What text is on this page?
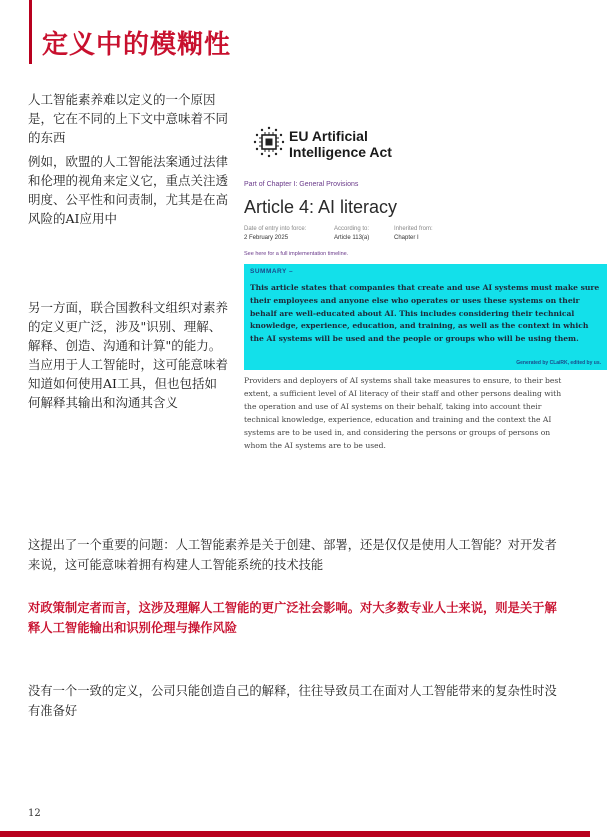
定义中的模糊性
人工智能素养难以定义的一个原因是，它在不同的上下文中意味着不同的东西
例如，欧盟的人工智能法案通过法律和伦理的视角来定义它，重点关注透明度、公平性和问责制，尤其是在高风险的AI应用中
另一方面，联合国教科文组织对素养的定义更广泛，涉及"识别、理解、解释、创造、沟通和计算"的能力。当应用于人工智能时，这可能意味着知道如何使用AI工具，但也包括如何解释其输出和沟通其含义
EU Artificial
Intelligence Act
Part of Chapter I: General Provisions
Article 4: AI literacy
Date of entry into force:
2 February 2025
According to:
Article 113(a)
Inherited from:
Chapter I
See here for a full implementation timeline.
SUMMARY –
This article states that companies that create and use AI systems must make sure their employees and anyone else who operates or uses these systems on their behalf are well-educated about AI. This includes considering their technical knowledge, experience, education, and training, as well as the context in which the AI systems will be used and the people or groups who will be using them.
Generated by CLaiRK, edited by us.
Providers and deployers of AI systems shall take measures to ensure, to their best extent, a sufficient level of AI literacy of their staff and other persons dealing with the operation and use of AI systems on their behalf, taking into account their technical knowledge, experience, education and training and the context the AI systems are to be used in, and considering the persons or groups of persons on whom the AI systems are to be used.
这提出了一个重要的问题：人工智能素养是关于创建、部署，还是仅仅是使用人工智能？对开发者来说，这可能意味着拥有构建人工智能系统的技术技能
对政策制定者而言，这涉及理解人工智能的更广泛社会影响。对大多数专业人士来说，则是关于解释人工智能输出和识别伦理与操作风险
没有一个一致的定义，公司只能创造自己的解释，往往导致员工在面对人工智能带来的复杂性时没有准备好
12
